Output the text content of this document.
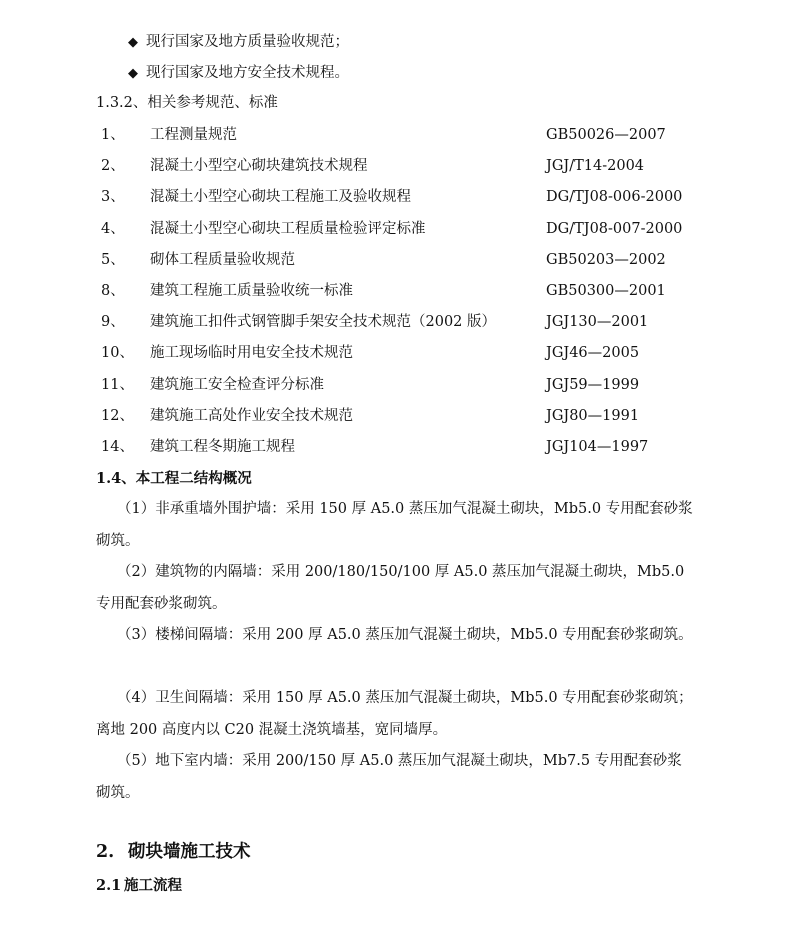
◆ 现行国家及地方质量验收规范；
◆ 现行国家及地方安全技术规程。
1.3.2、相关参考规范、标准
1、 工程测量规范	GB50026—2007
2、 混凝土小型空心砌块建筑技术规程	JGJ/T14-2004
3、 混凝土小型空心砌块工程施工及验收规程	DG/TJ08-006-2000
4、 混凝土小型空心砌块工程质量检验评定标准	DG/TJ08-007-2000
5、 砌体工程质量验收规范	GB50203—2002
8、 建筑工程施工质量验收统一标准	GB50300—2001
9、 建筑施工扣件式钢管脚手架安全技术规范（2002 版）	JGJ130—2001
10、 施工现场临时用电安全技术规范	JGJ46—2005
11、 建筑施工安全检查评分标准	JGJ59—1999
12、 建筑施工高处作业安全技术规范	JGJ80—1991
14、 建筑工程冬期施工规程	JGJ104—1997
1.4、本工程二结构概况
（1）非承重墙外围护墙：采用 150 厚 A5.0 蒸压加气混凝土砌块，Mb5.0 专用配套砂浆砌筑。
（2）建筑物的内隔墙：采用 200/180/150/100 厚 A5.0 蒸压加气混凝土砌块，Mb5.0 专用配套砂浆砌筑。
（3）楼梯间隔墙：采用 200 厚 A5.0 蒸压加气混凝土砌块，Mb5.0 专用配套砂浆砌筑。
（4）卫生间隔墙：采用 150 厚 A5.0 蒸压加气混凝土砌块，Mb5.0 专用配套砂浆砌筑；离地 200 高度内以 C20 混凝土浇筑墙基，宽同墙厚。
（5）地下室内墙：采用 200/150 厚 A5.0 蒸压加气混凝土砌块，Mb7.5 专用配套砂浆砌筑。
2. 砌块墙施工技术
2.1 施工流程
